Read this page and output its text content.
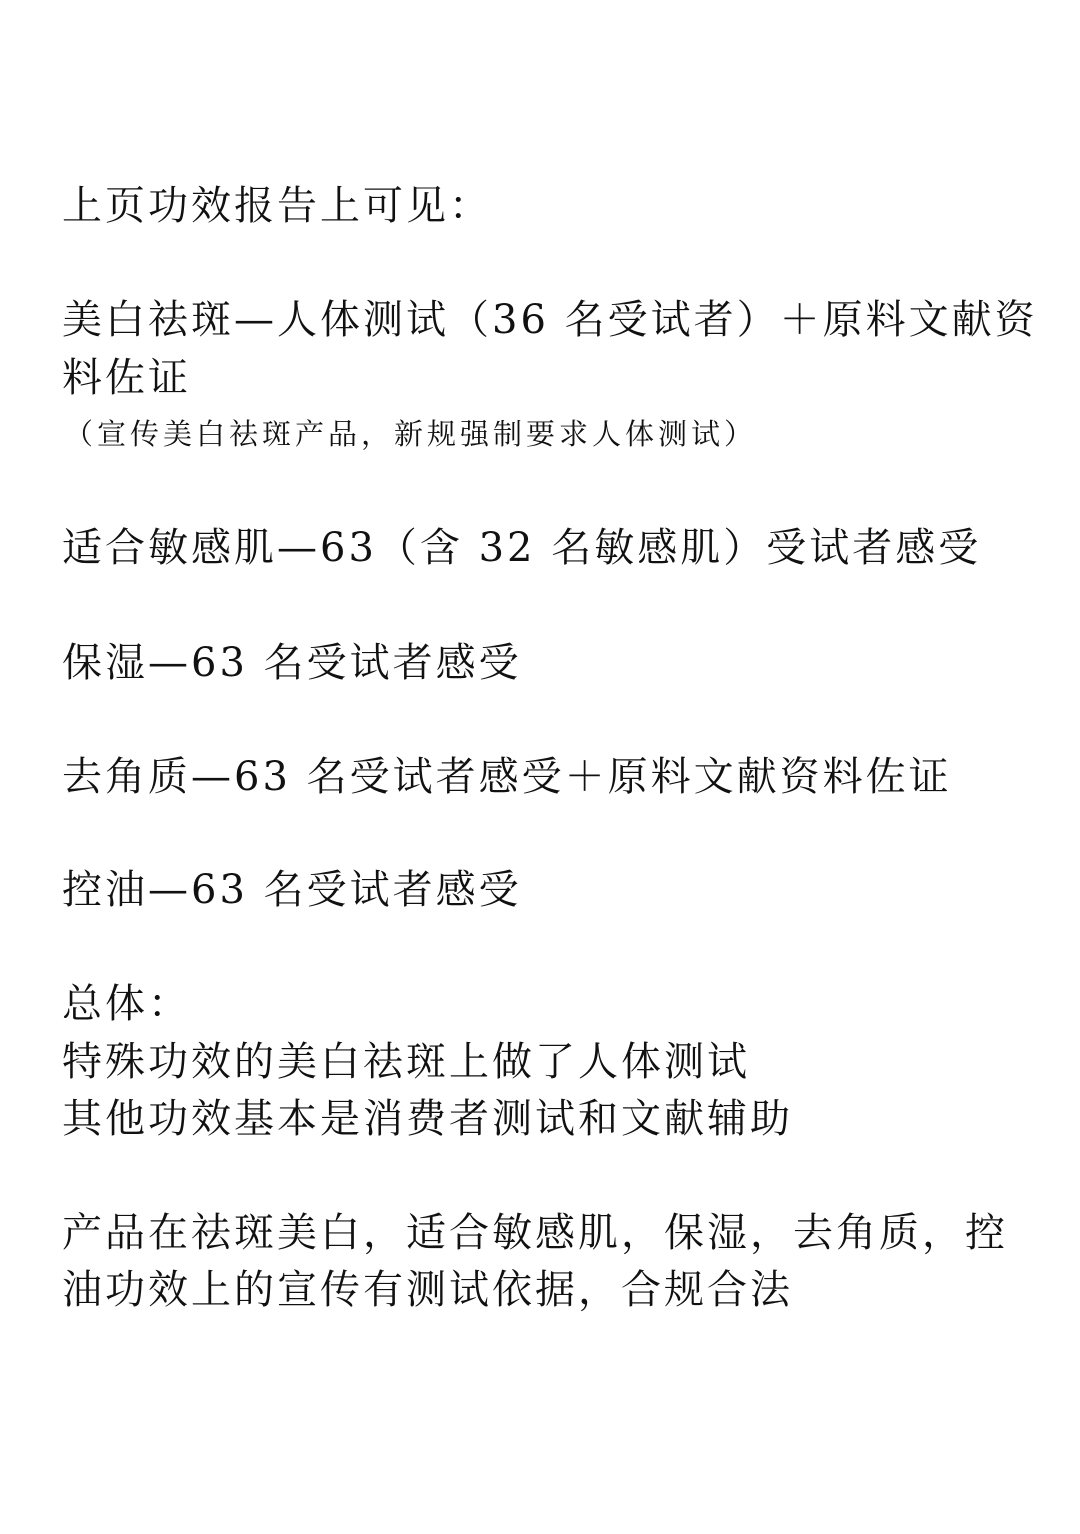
上页功效报告上可见：

美白祛斑—人体测试（36 名受试者）＋原料文献资

料佐证

（宣传美白祛斑产品，新规强制要求人体测试）

适合敏感肌—63（含 32 名敏感肌）受试者感受

保湿—63 名受试者感受

去角质—63 名受试者感受＋原料文献资料佐证

控油—63 名受试者感受

总体：

特殊功效的美白祛斑上做了人体测试

其他功效基本是消费者测试和文献辅助

产品在祛斑美白，适合敏感肌，保湿，去角质，控

油功效上的宣传有测试依据，合规合法
